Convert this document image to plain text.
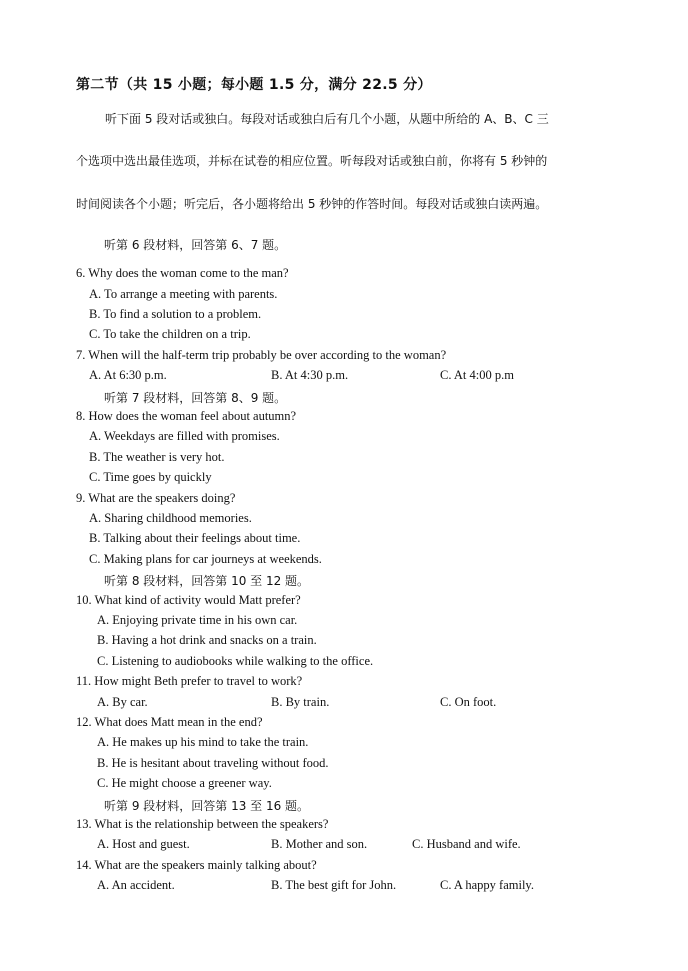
第二节（共 15 小题；每小题 1.5 分，满分 22.5 分）
听下面 5 段对话或独白。每段对话或独白后有几个小题，从题中所给的 A、B、C 三
个选项中选出最佳选项，并标在试卷的相应位置。听每段对话或独白前，你将有 5 秒钟的
时间阅读各个小题；听完后，各小题将给出 5 秒钟的作答时间。每段对话或独白读两遍。
听第 6 段材料，回答第 6、7 题。
6. Why does the woman come to the man?
A. To arrange a meeting with parents.
B. To find a solution to a problem.
C. To take the children on a trip.
7. When will the half-term trip probably be over according to the woman?
A. At 6:30 p.m.	B. At 4:30 p.m.	C. At 4:00 p.m
听第 7 段材料，回答第 8、9 题。
8. How does the woman feel about autumn?
A. Weekdays are filled with promises.
B. The weather is very hot.
C. Time goes by quickly
9. What are the speakers doing?
A. Sharing childhood memories.
B. Talking about their feelings about time.
C. Making plans for car journeys at weekends.
听第 8 段材料，回答第 10 至 12 题。
10. What kind of activity would Matt prefer?
A. Enjoying private time in his own car.
B. Having a hot drink and snacks on a train.
C. Listening to audiobooks while walking to the office.
11. How might Beth prefer to travel to work?
A. By car.	B. By train.	C. On foot.
12. What does Matt mean in the end?
A. He makes up his mind to take the train.
B. He is hesitant about traveling without food.
C. He might choose a greener way.
听第 9 段材料，回答第 13 至 16 题。
13. What is the relationship between the speakers?
A. Host and guest.	B. Mother and son.	C. Husband and wife.
14. What are the speakers mainly talking about?
A. An accident.	B. The best gift for John.	C. A happy family.
